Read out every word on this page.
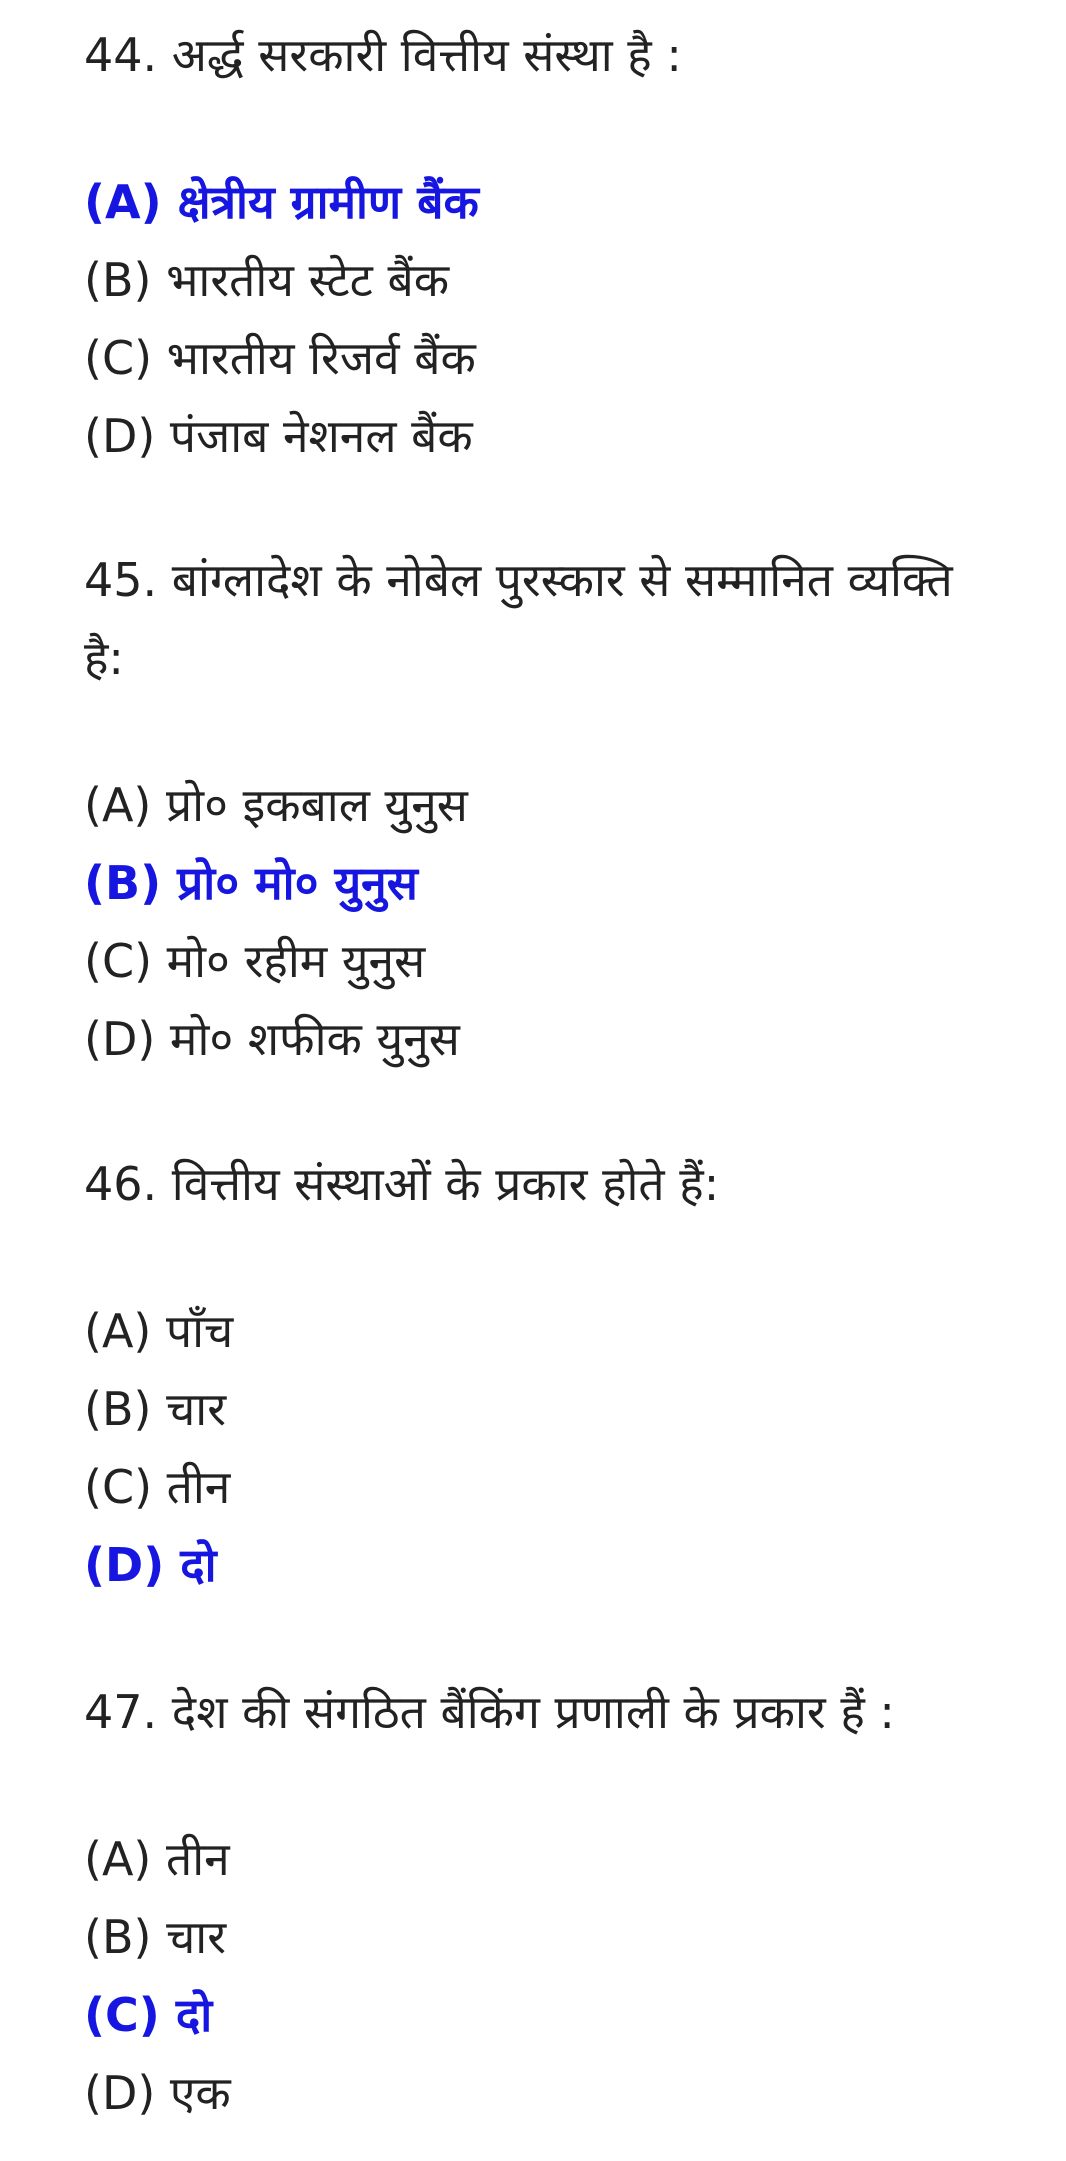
44. अर्द्ध सरकारी वित्तीय संस्था है :

(A) क्षेत्रीय ग्रामीण बैंक
(B) भारतीय स्टेट बैंक
(C) भारतीय रिजर्व बैंक
(D) पंजाब नेशनल बैंक

45. बांग्लादेश के नोबेल पुरस्कार से सम्मानित व्यक्ति है:

(A) प्रो० इकबाल युनुस
(B) प्रो० मो० युनुस
(C) मो० रहीम युनुस
(D) मो० शफीक युनुस

46. वित्तीय संस्थाओं के प्रकार होते हैं:

(A) पाँच
(B) चार
(C) तीन
(D) दो

47. देश की संगठित बैंकिंग प्रणाली के प्रकार हैं :

(A) तीन
(B) चार
(C) दो
(D) एक
